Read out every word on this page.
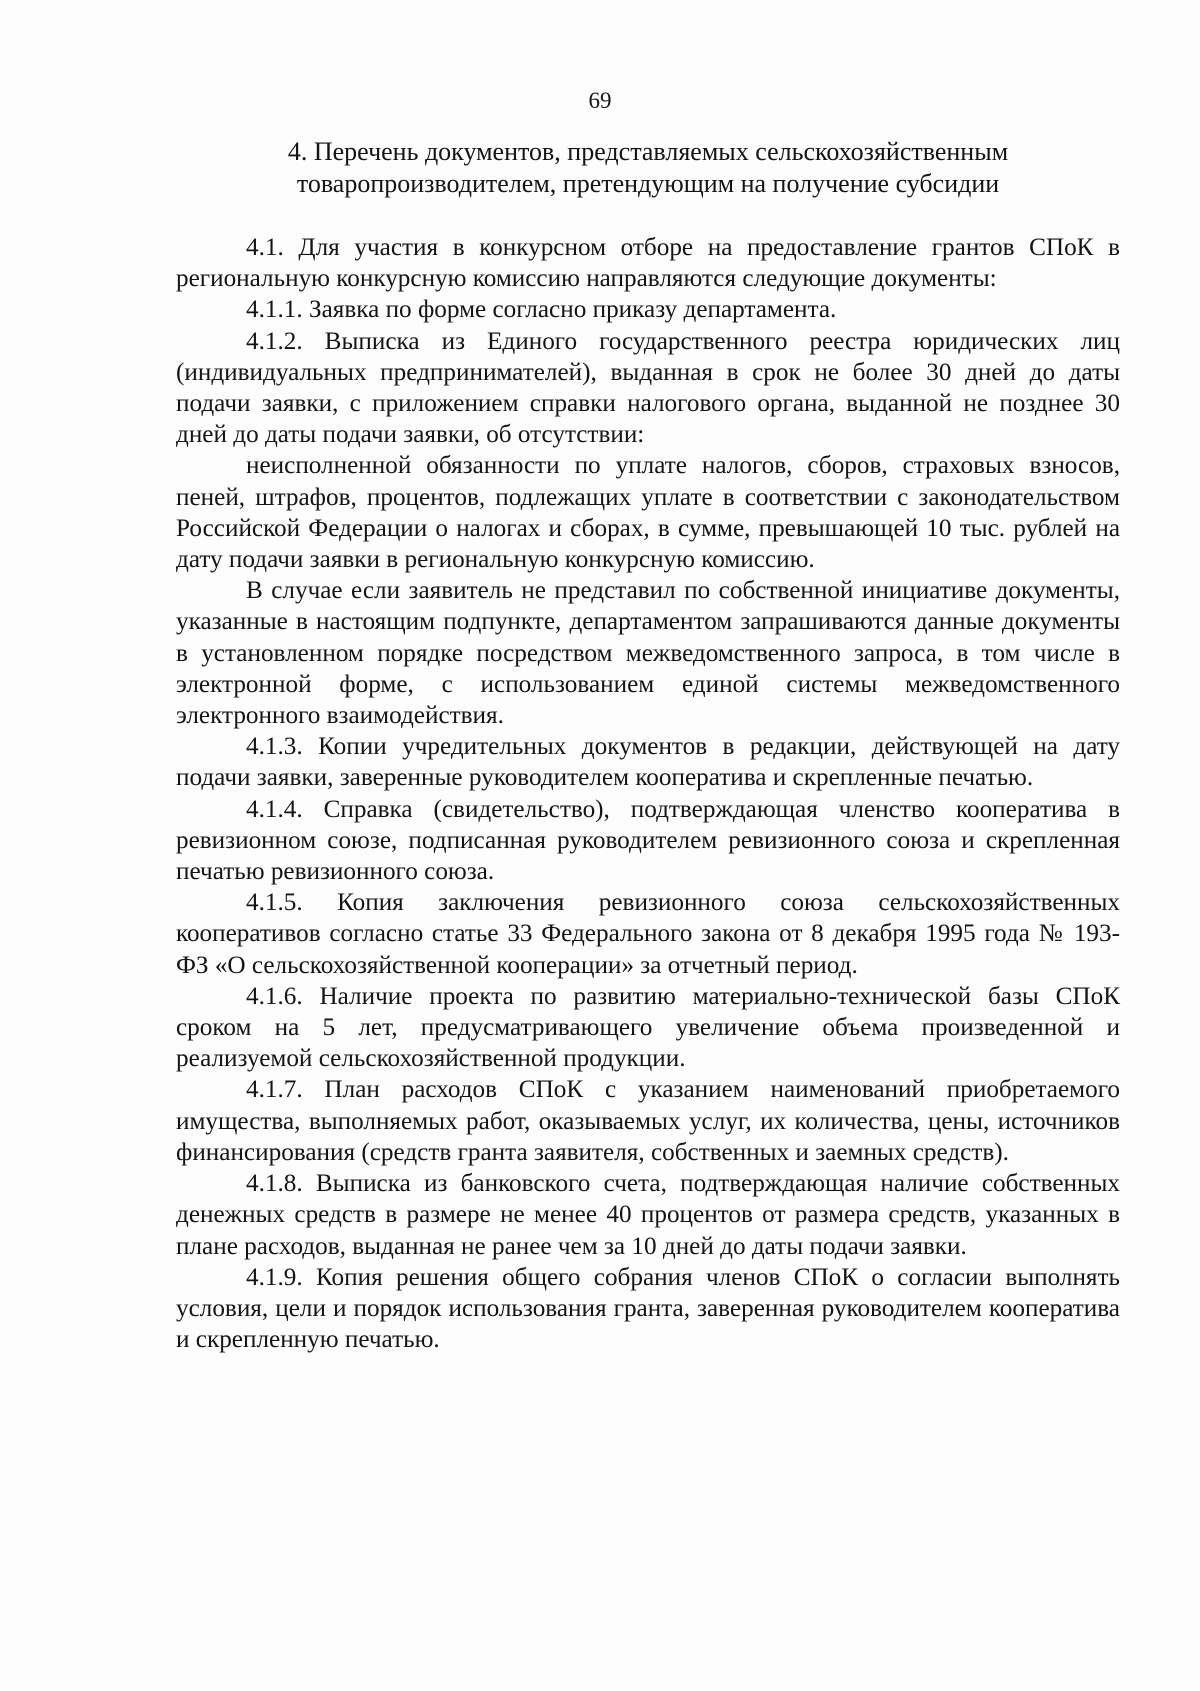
69
4. Перечень документов, представляемых сельскохозяйственным
товаропроизводителем, претендующим на получение субсидии

4.1. Для участия в конкурсном отборе на предоставление грантов СПоК в региональную конкурсную комиссию направляются следующие документы:

4.1.1. Заявка по форме согласно приказу департамента.

4.1.2. Выписка из Единого государственного реестра юридических лиц (индивидуальных предпринимателей), выданная в срок не более 30 дней до даты подачи заявки, с приложением справки налогового органа, выданной не позднее 30 дней до даты подачи заявки, об отсутствии:

неисполненной обязанности по уплате налогов, сборов, страховых взносов, пеней, штрафов, процентов, подлежащих уплате в соответствии с законодательством Российской Федерации о налогах и сборах, в сумме, превышающей 10 тыс. рублей на дату подачи заявки в региональную конкурсную комиссию.

В случае если заявитель не представил по собственной инициативе документы, указанные в настоящим подпункте, департаментом запрашиваются данные документы в установленном порядке посредством межведомственного запроса, в том числе в электронной форме, с использованием единой системы межведомственного электронного взаимодействия.

4.1.3. Копии учредительных документов в редакции, действующей на дату подачи заявки, заверенные руководителем кооператива и скрепленные печатью.

4.1.4. Справка (свидетельство), подтверждающая членство кооператива в ревизионном союзе, подписанная руководителем ревизионного союза и скрепленная печатью ревизионного союза.

4.1.5. Копия заключения ревизионного союза сельскохозяйственных кооперативов согласно статье 33 Федерального закона от 8 декабря 1995 года № 193-ФЗ «О сельскохозяйственной кооперации» за отчетный период.

4.1.6. Наличие проекта по развитию материально-технической базы СПоК сроком на 5 лет, предусматривающего увеличение объема произведенной и реализуемой сельскохозяйственной продукции.

4.1.7. План расходов СПоК с указанием наименований приобретаемого имущества, выполняемых работ, оказываемых услуг, их количества, цены, источников финансирования (средств гранта заявителя, собственных и заемных средств).

4.1.8. Выписка из банковского счета, подтверждающая наличие собственных денежных средств в размере не менее 40 процентов от размера средств, указанных в плане расходов, выданная не ранее чем за 10 дней до даты подачи заявки.

4.1.9. Копия решения общего собрания членов СПоК о согласии выполнять условия, цели и порядок использования гранта, заверенная руководителем кооператива и скрепленную печатью.
